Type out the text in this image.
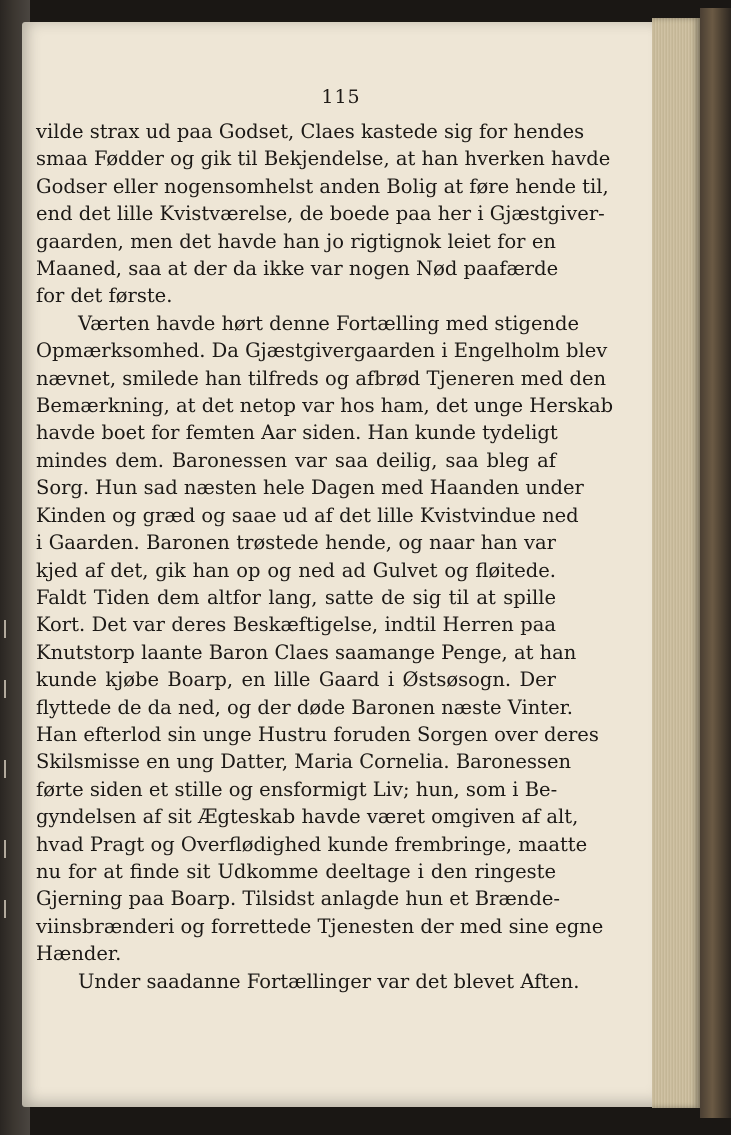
115
vilde strax ud paa Godset, Claes kastede sig for hendes
smaa Fødder og gik til Bekjendelse, at han hverken havde
Godser eller nogensomhelst anden Bolig at føre hende til,
end det lille Kvistværelse, de boede paa her i Gjæstgiver-
gaarden, men det havde han jo rigtignok leiet for en
Maaned, saa at der da ikke var nogen Nød paafærde
for det første.
Værten havde hørt denne Fortælling med stigende
Opmærksomhed. Da Gjæstgivergaarden i Engelholm blev
nævnet, smilede han tilfreds og afbrød Tjeneren med den
Bemærkning, at det netop var hos ham, det unge Herskab
havde boet for femten Aar siden. Han kunde tydeligt
mindes dem. Baronessen var saa deilig, saa bleg af
Sorg. Hun sad næsten hele Dagen med Haanden under
Kinden og græd og saae ud af det lille Kvistvindue ned
i Gaarden. Baronen trøstede hende, og naar han var
kjed af det, gik han op og ned ad Gulvet og fløitede.
Faldt Tiden dem altfor lang, satte de sig til at spille
Kort. Det var deres Beskæftigelse, indtil Herren paa
Knutstorp laante Baron Claes saamange Penge, at han
kunde kjøbe Boarp, en lille Gaard i Østsøsogn. Der
flyttede de da ned, og der døde Baronen næste Vinter.
Han efterlod sin unge Hustru foruden Sorgen over deres
Skilsmisse en ung Datter, Maria Cornelia. Baronessen
førte siden et stille og ensformigt Liv; hun, som i Be-
gyndelsen af sit Ægteskab havde været omgiven af alt,
hvad Pragt og Overflødighed kunde frembringe, maatte
nu for at finde sit Udkomme deeltage i den ringeste
Gjerning paa Boarp. Tilsidst anlagde hun et Brænde-
viinsbrænderi og forrettede Tjenesten der med sine egne
Hænder.
Under saadanne Fortællinger var det blevet Aften.
